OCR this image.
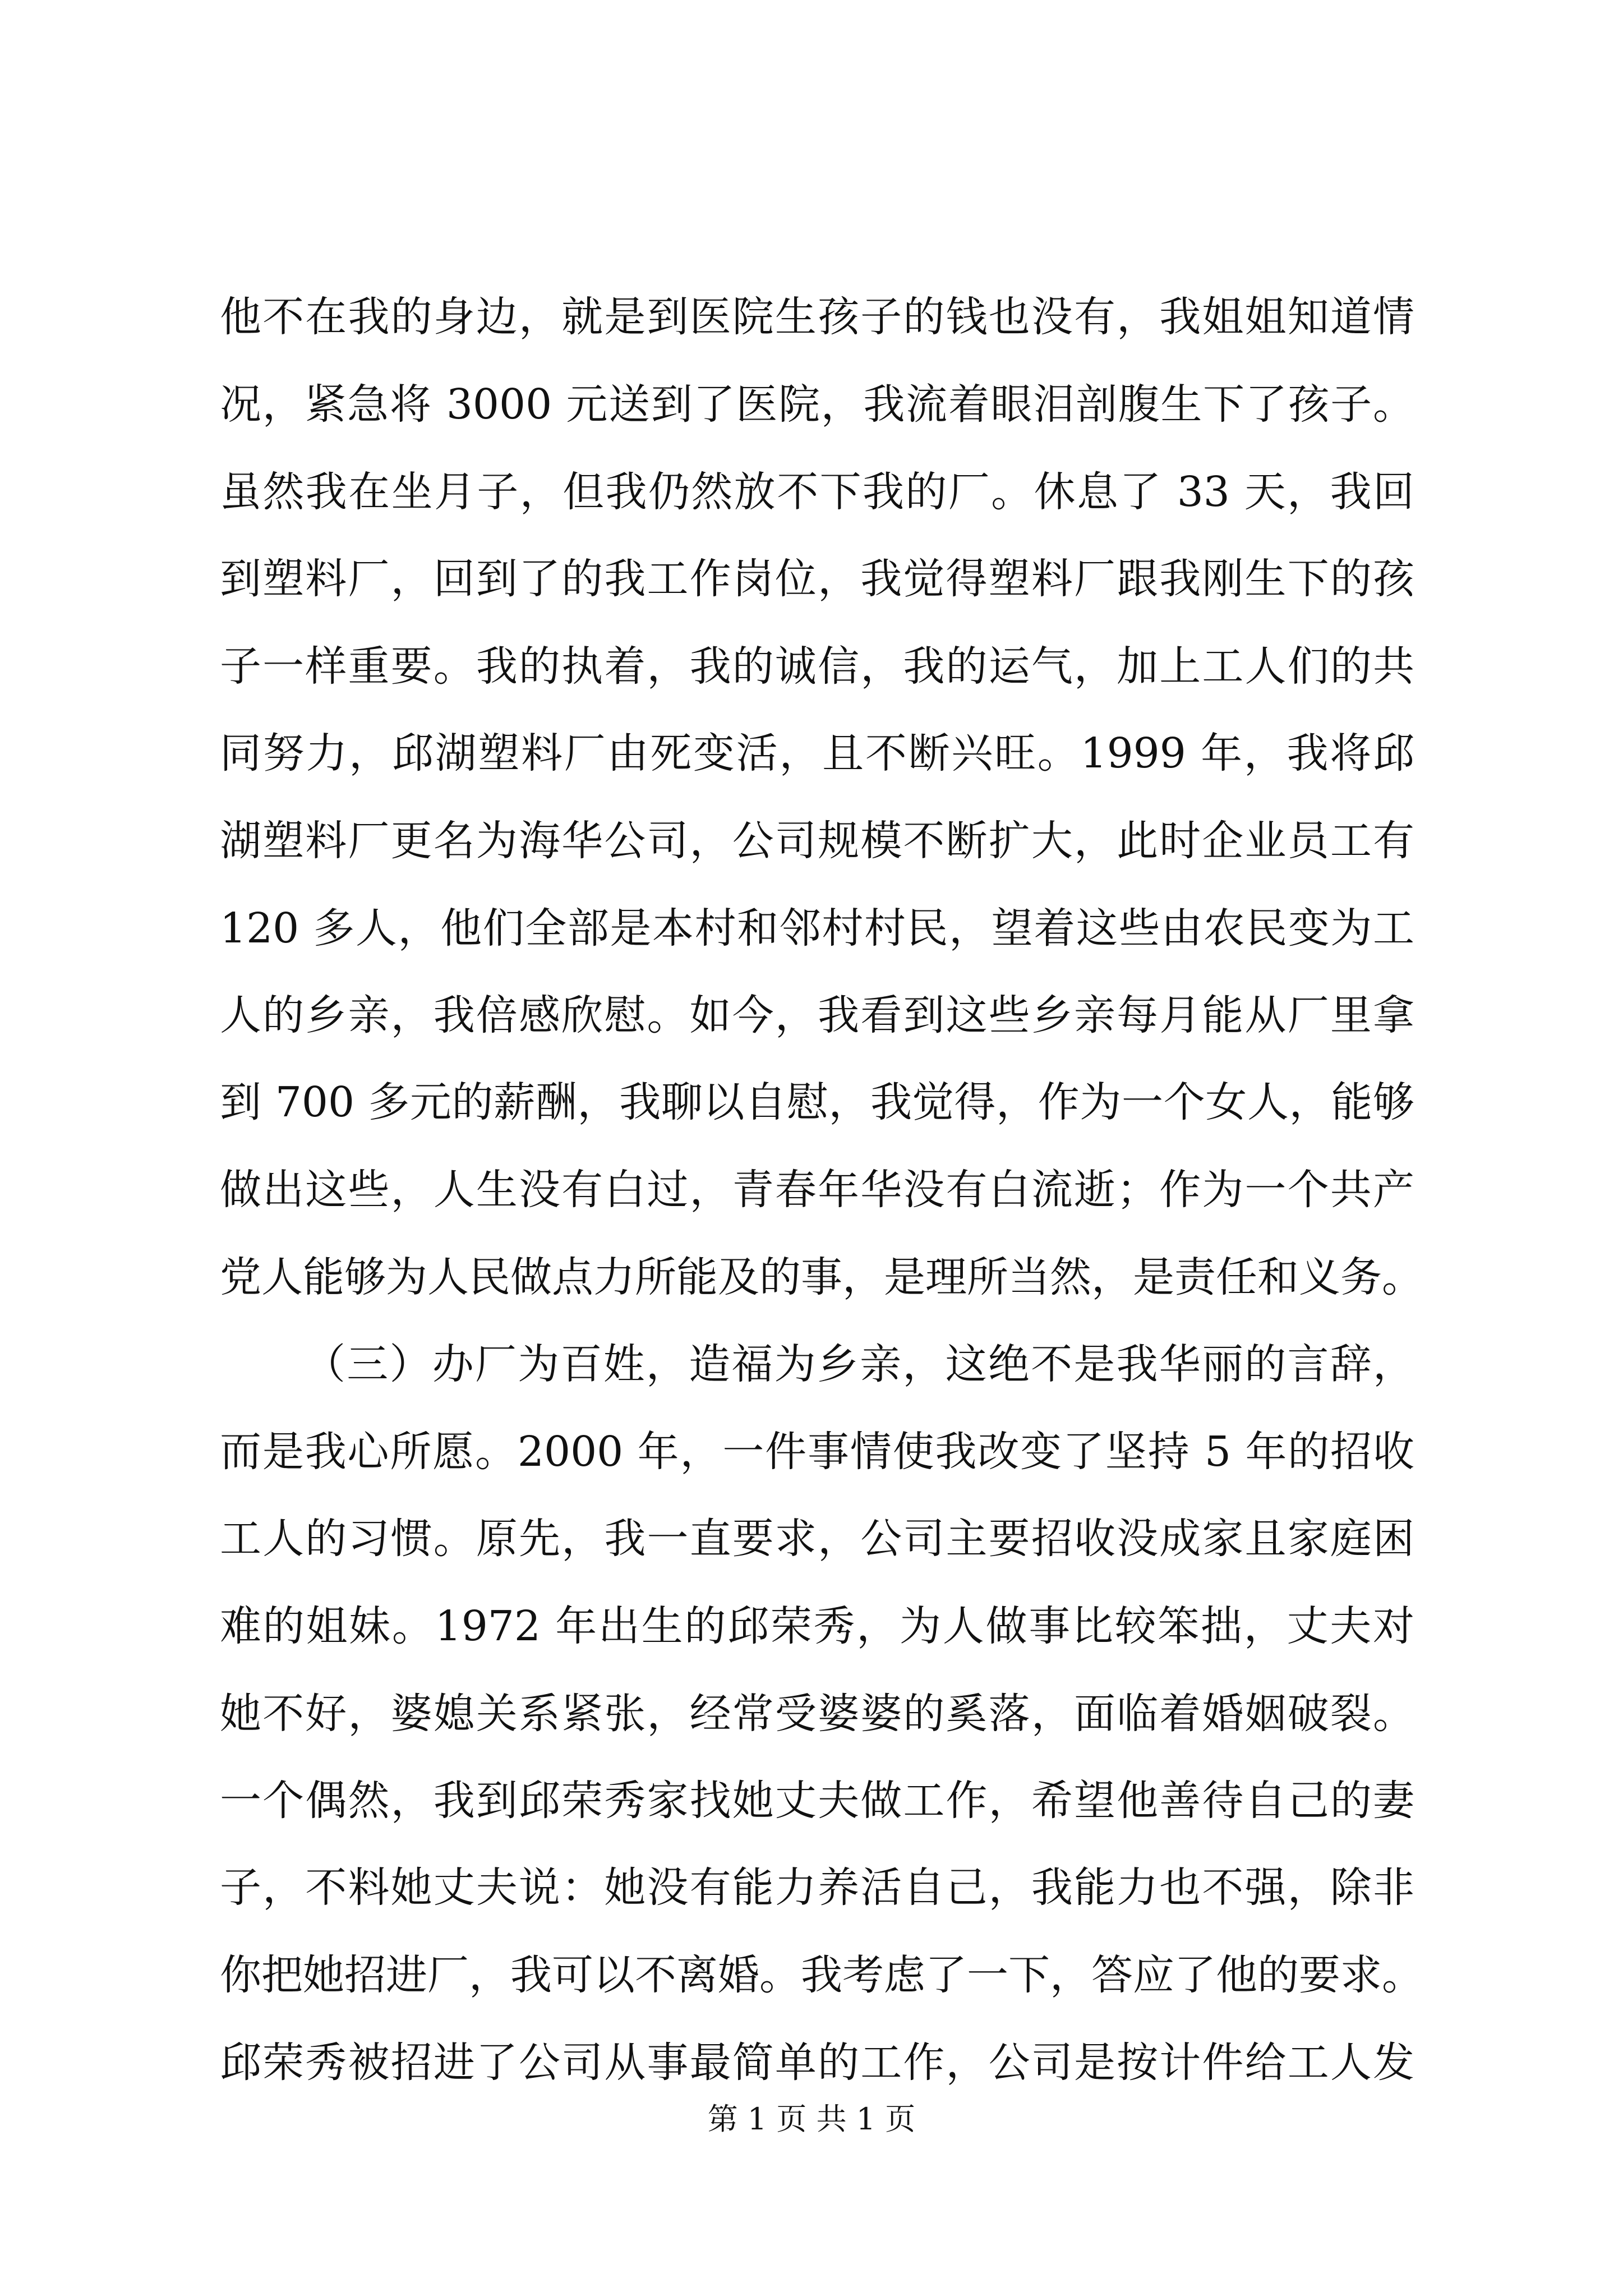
他不在我的身边，就是到医院生孩子的钱也没有，我姐姐知道情
况，紧急将 3000 元送到了医院，我流着眼泪剖腹生下了孩子。
虽然我在坐月子，但我仍然放不下我的厂。休息了 33 天，我回
到塑料厂，回到了的我工作岗位，我觉得塑料厂跟我刚生下的孩
子一样重要。我的执着，我的诚信，我的运气，加上工人们的共
同努力，邱湖塑料厂由死变活，且不断兴旺。1999 年，我将邱
湖塑料厂更名为海华公司，公司规模不断扩大，此时企业员工有
120 多人，他们全部是本村和邻村村民，望着这些由农民变为工
人的乡亲，我倍感欣慰。如今，我看到这些乡亲每月能从厂里拿
到 700 多元的薪酬，我聊以自慰，我觉得，作为一个女人，能够
做出这些，人生没有白过，青春年华没有白流逝；作为一个共产
党人能够为人民做点力所能及的事，是理所当然，是责任和义务。
（三）办厂为百姓，造福为乡亲，这绝不是我华丽的言辞，
而是我心所愿。2000 年，一件事情使我改变了坚持 5 年的招收
工人的习惯。原先，我一直要求，公司主要招收没成家且家庭困
难的姐妹。1972 年出生的邱荣秀，为人做事比较笨拙，丈夫对
她不好，婆媳关系紧张，经常受婆婆的奚落，面临着婚姻破裂。
一个偶然，我到邱荣秀家找她丈夫做工作，希望他善待自己的妻
子，不料她丈夫说：她没有能力养活自己，我能力也不强，除非
你把她招进厂，我可以不离婚。我考虑了一下，答应了他的要求。
邱荣秀被招进了公司从事最简单的工作，公司是按计件给工人发
第 1 页 共 1 页
